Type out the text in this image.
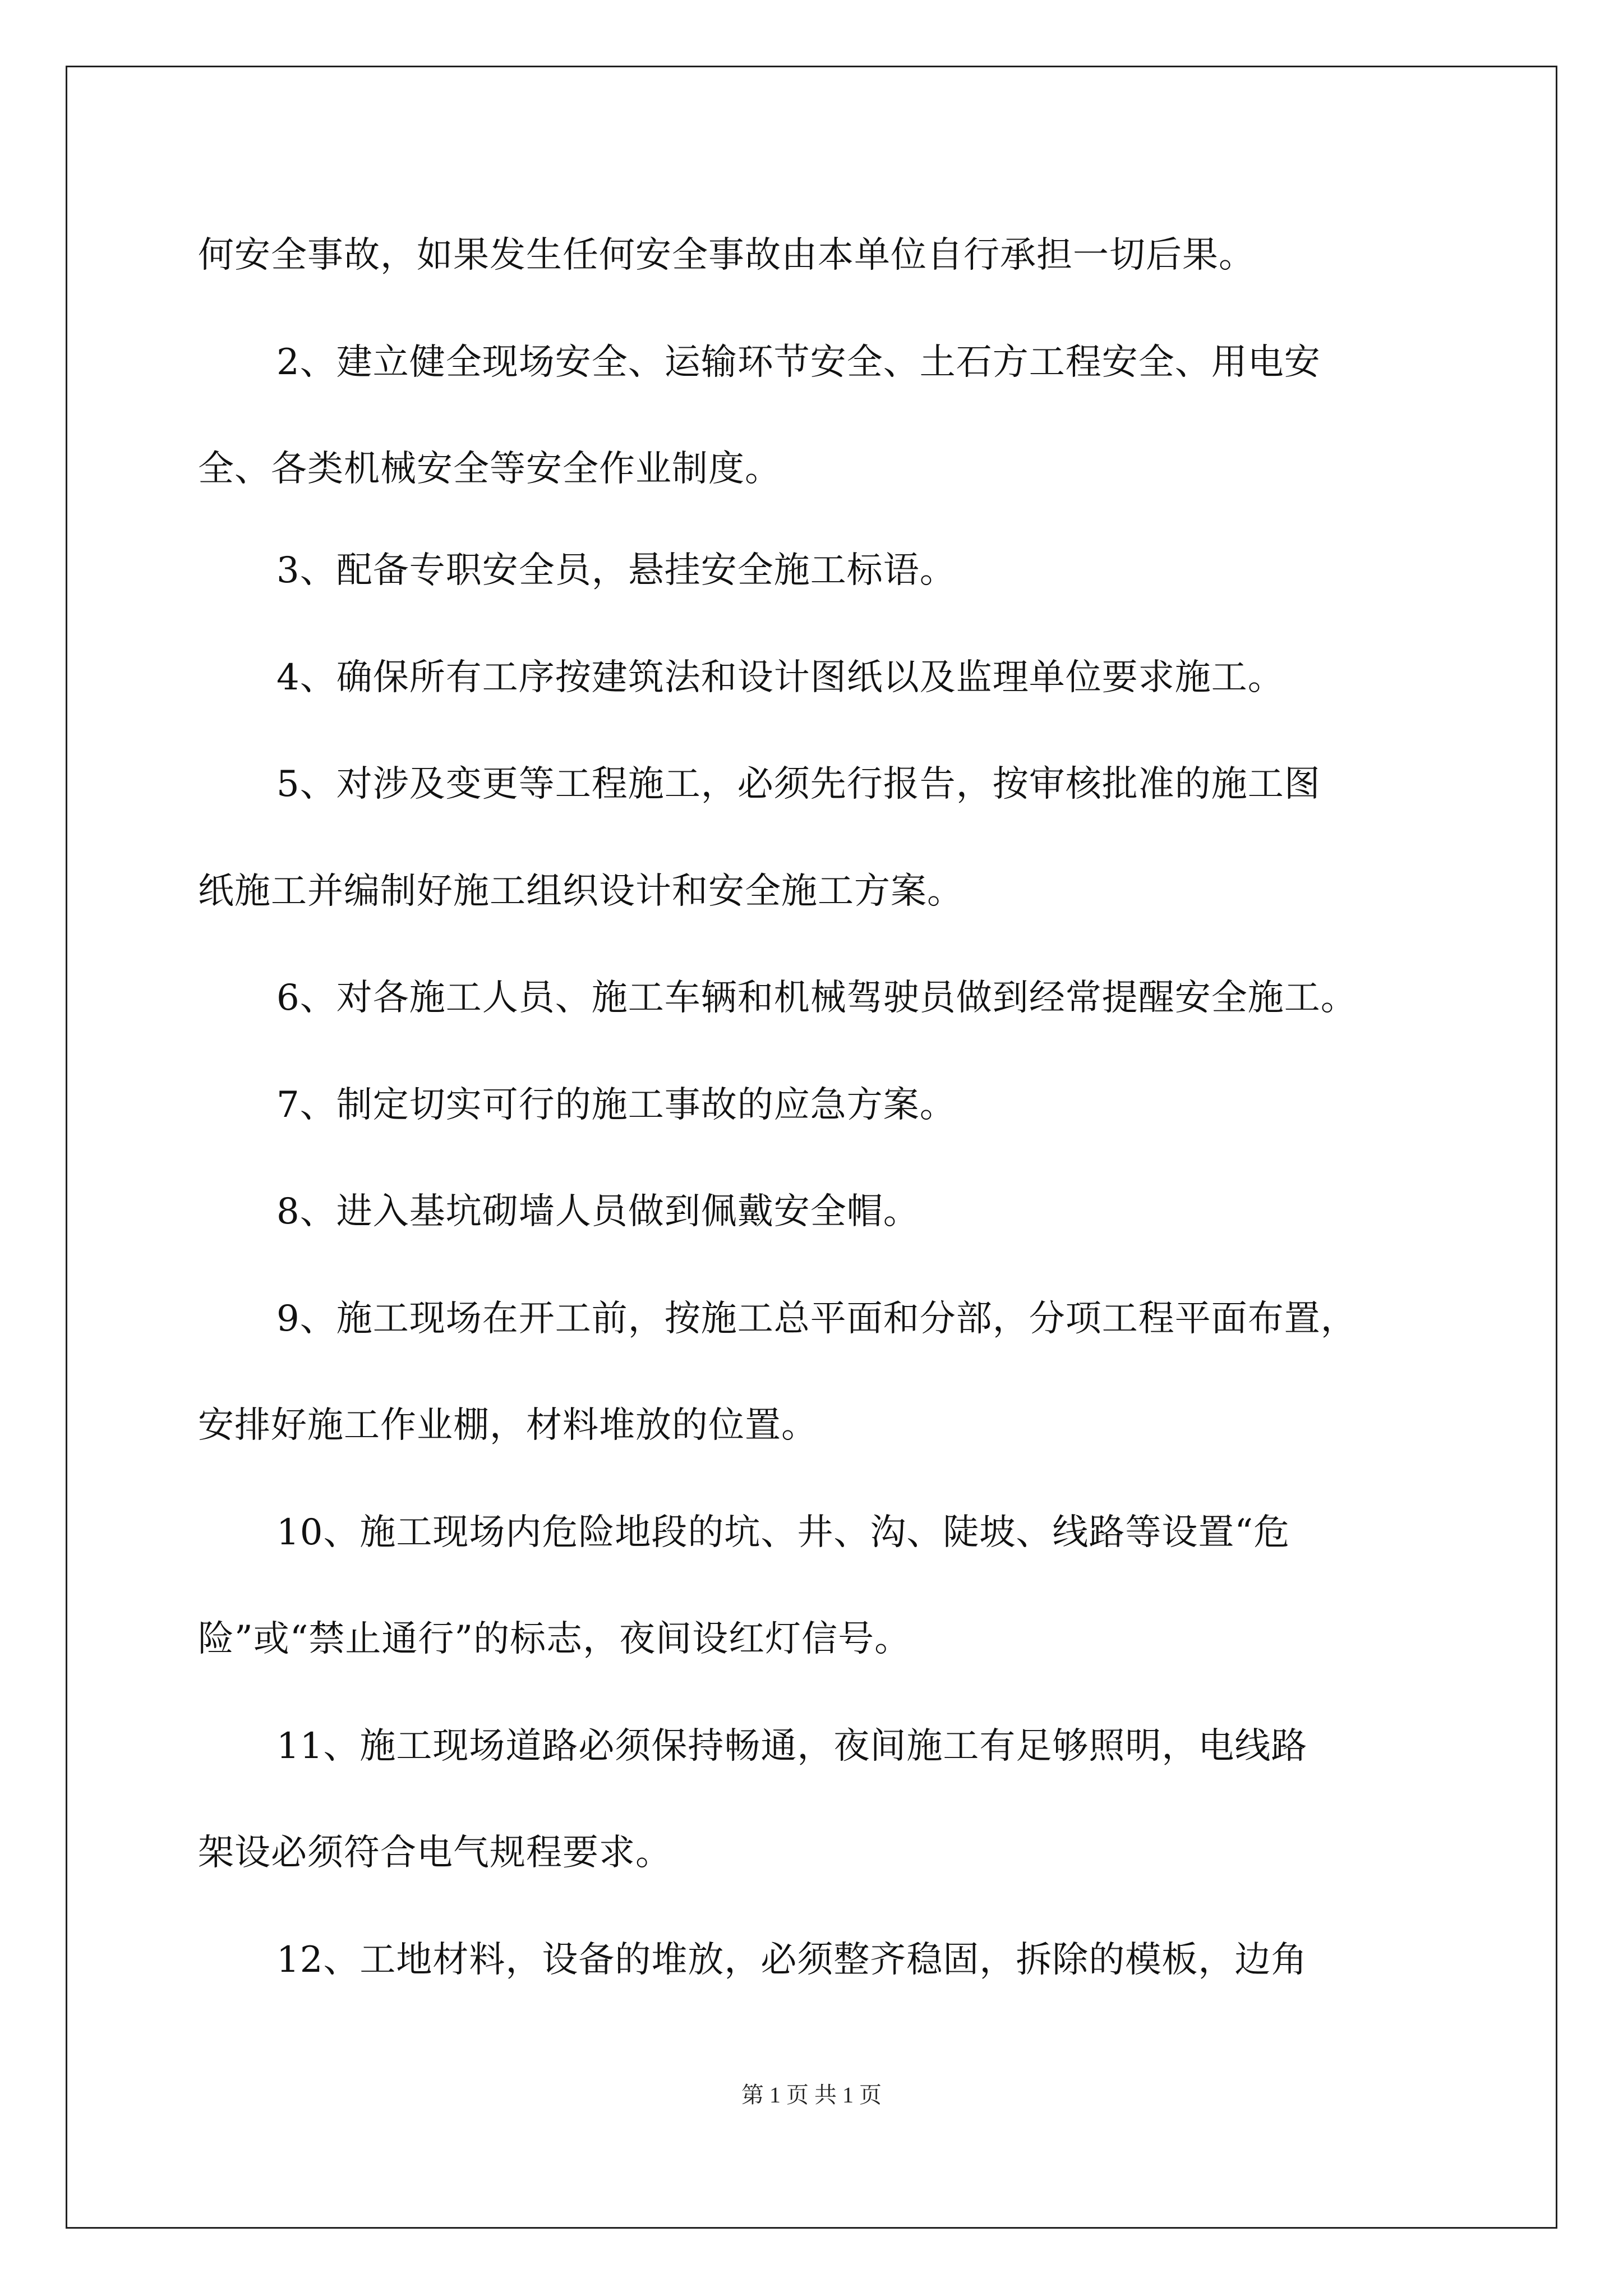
何安全事故，如果发生任何安全事故由本单位自行承担一切后果。
2、建立健全现场安全、运输环节安全、土石方工程安全、用电安
全、各类机械安全等安全作业制度。
3、配备专职安全员，悬挂安全施工标语。
4、确保所有工序按建筑法和设计图纸以及监理单位要求施工。
5、对涉及变更等工程施工，必须先行报告，按审核批准的施工图
纸施工并编制好施工组织设计和安全施工方案。
6、对各施工人员、施工车辆和机械驾驶员做到经常提醒安全施工。
7、制定切实可行的施工事故的应急方案。
8、进入基坑砌墙人员做到佩戴安全帽。
9、施工现场在开工前，按施工总平面和分部，分项工程平面布置，
安排好施工作业棚，材料堆放的位置。
10、施工现场内危险地段的坑、井、沟、陡坡、线路等设置“危
险”或“禁止通行”的标志，夜间设红灯信号。
11、施工现场道路必须保持畅通，夜间施工有足够照明，电线路
架设必须符合电气规程要求。
12、工地材料，设备的堆放，必须整齐稳固，拆除的模板，边角
第 1 页 共 1 页
